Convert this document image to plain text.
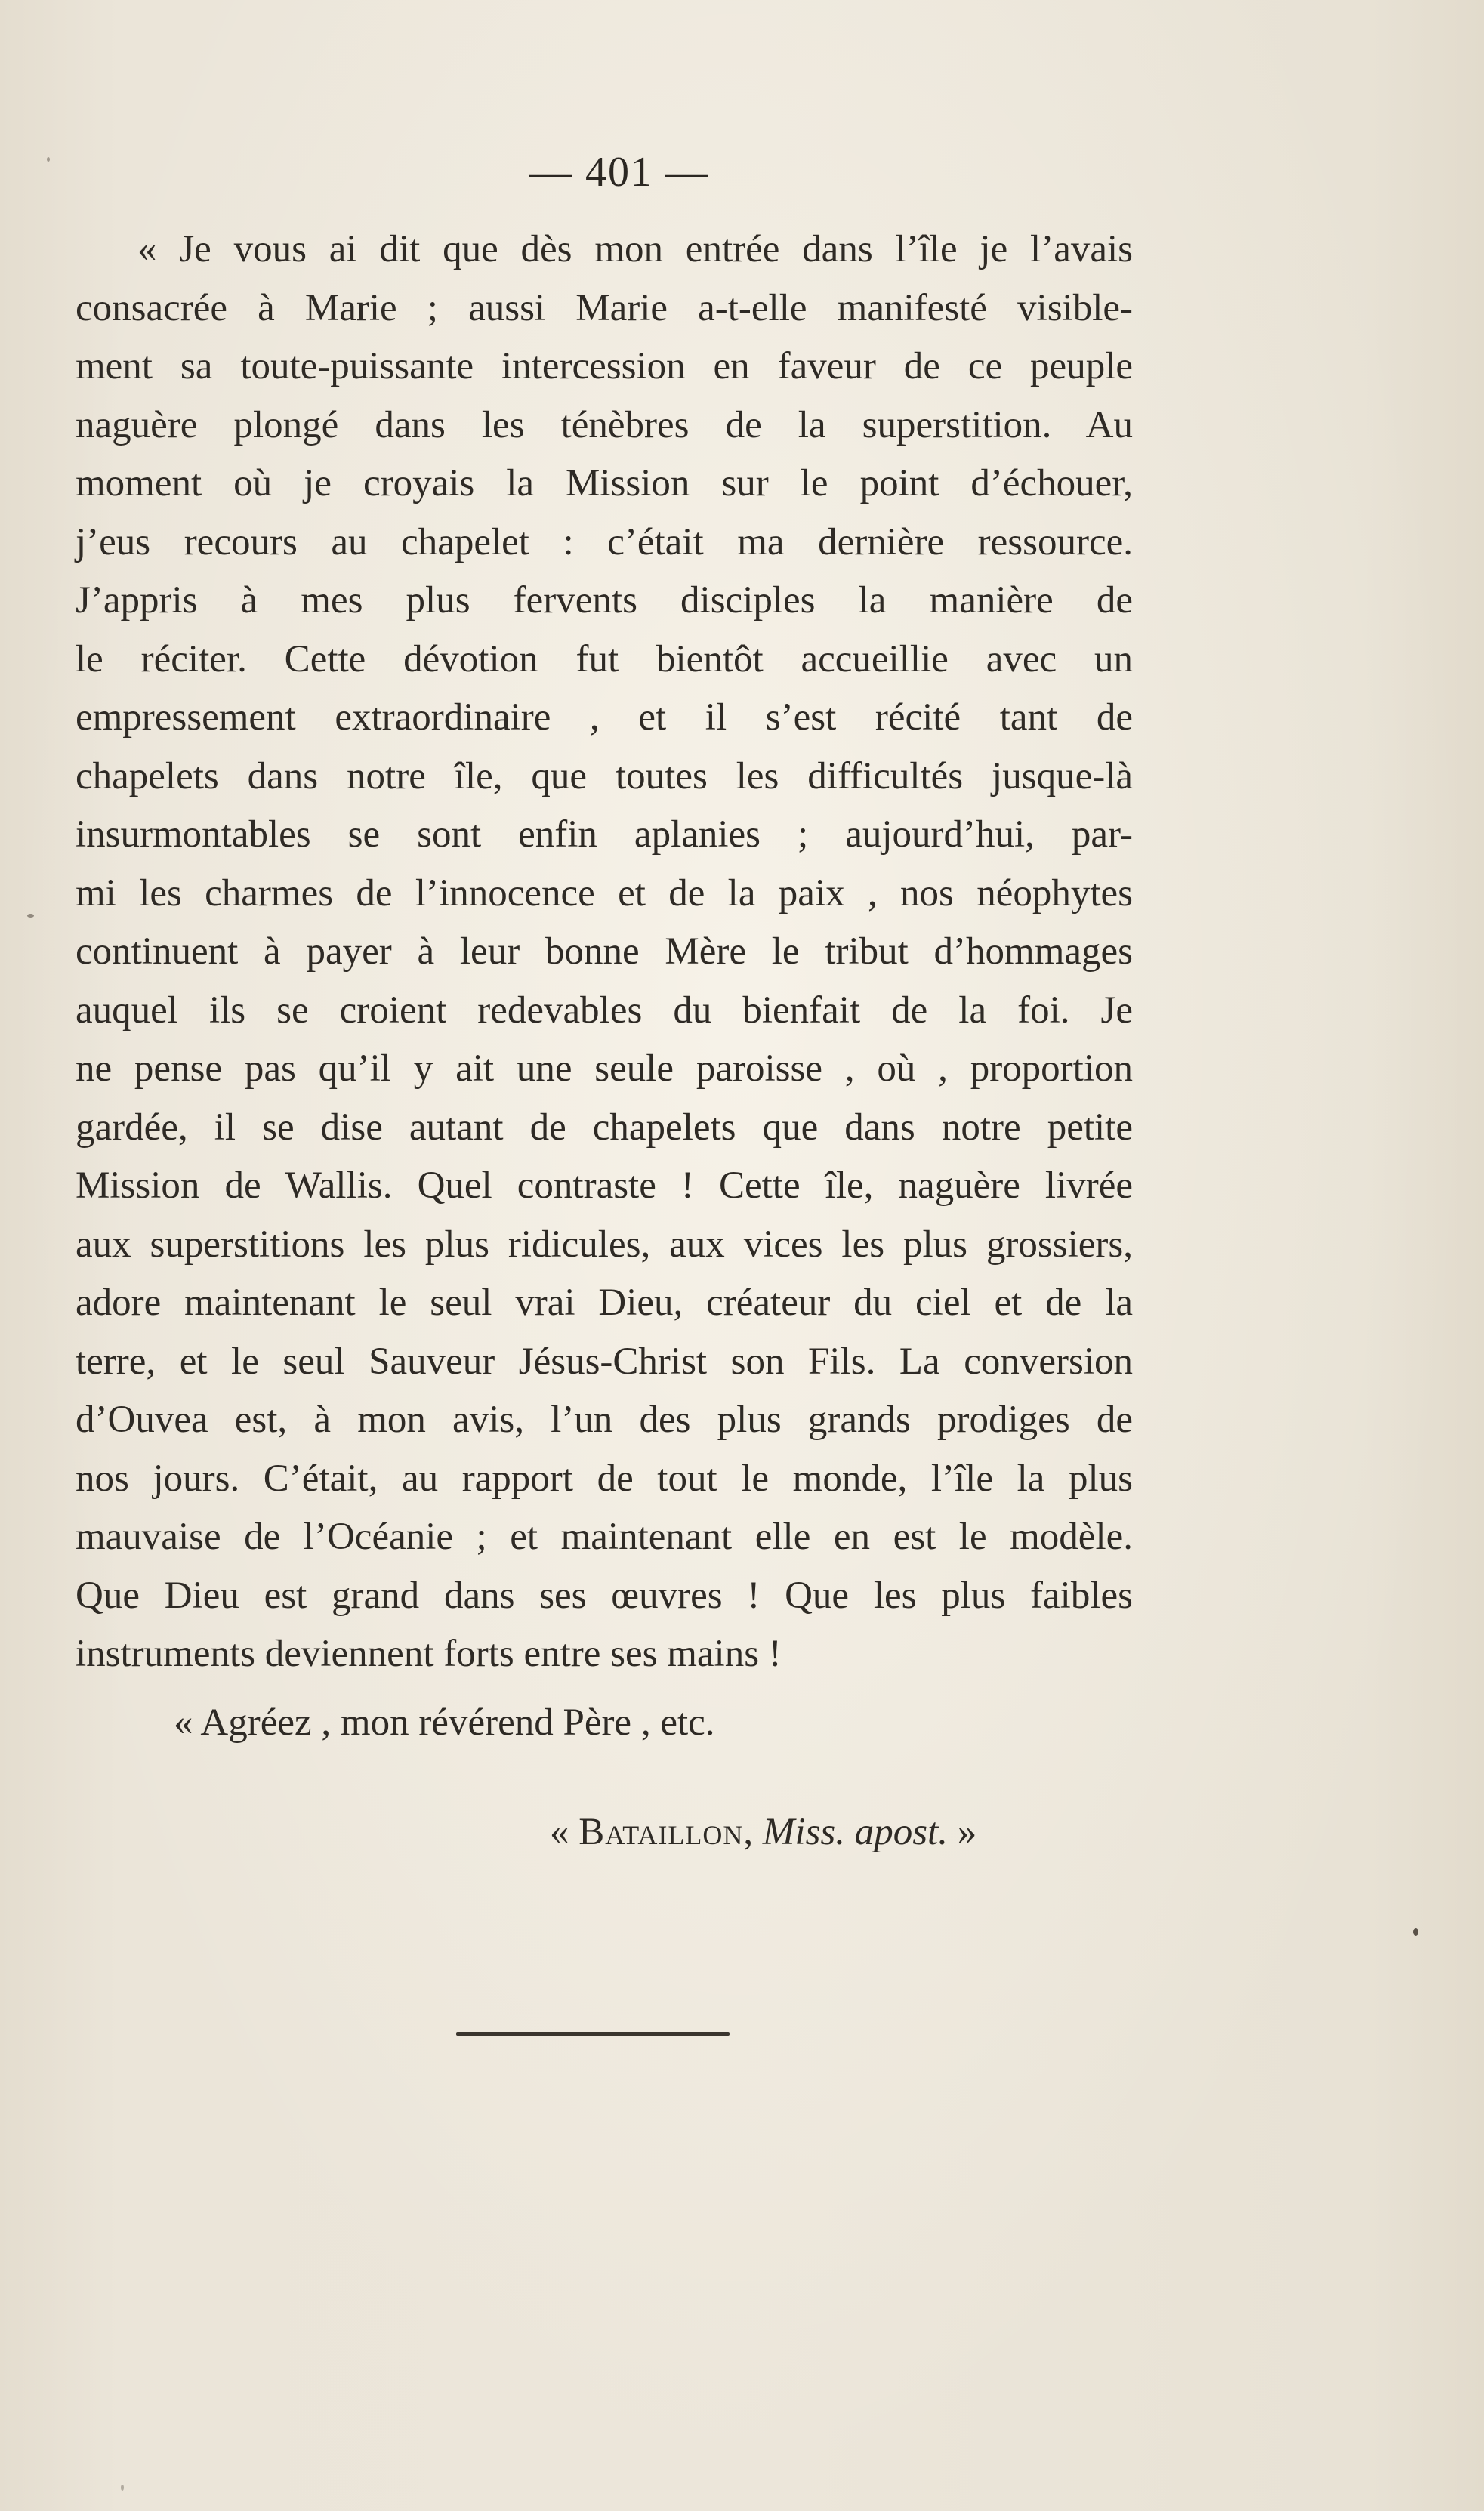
— 401 —

« Je vous ai dit que dès mon entrée dans l’île je l’avais
consacrée à Marie ; aussi Marie a-t-elle manifesté visible-
ment sa toute-puissante intercession en faveur de ce peuple
naguère plongé dans les ténèbres de la superstition. Au
moment où je croyais la Mission sur le point d’échouer,
j’eus recours au chapelet : c’était ma dernière ressource.
J’appris à mes plus fervents disciples la manière de
le réciter. Cette dévotion fut bientôt accueillie avec un
empressement extraordinaire , et il s’est récité tant de
chapelets dans notre île, que toutes les difficultés jusque-là
insurmontables se sont enfin aplanies ; aujourd’hui, par-
mi les charmes de l’innocence et de la paix , nos néophytes
continuent à payer à leur bonne Mère le tribut d’hommages
auquel ils se croient redevables du bienfait de la foi. Je
ne pense pas qu’il y ait une seule paroisse , où , proportion
gardée, il se dise autant de chapelets que dans notre petite
Mission de Wallis. Quel contraste ! Cette île, naguère livrée
aux superstitions les plus ridicules, aux vices les plus grossiers,
adore maintenant le seul vrai Dieu, créateur du ciel et de la
terre, et le seul Sauveur Jésus-Christ son Fils. La conversion
d’Ouvea est, à mon avis, l’un des plus grands prodiges de
nos jours. C’était, au rapport de tout le monde, l’île la plus
mauvaise de l’Océanie ; et maintenant elle en est le modèle.
Que Dieu est grand dans ses œuvres ! Que les plus faibles
instruments deviennent forts entre ses mains !

« Agréez , mon révérend Père , etc.

« Bataillon, Miss. apost. »
